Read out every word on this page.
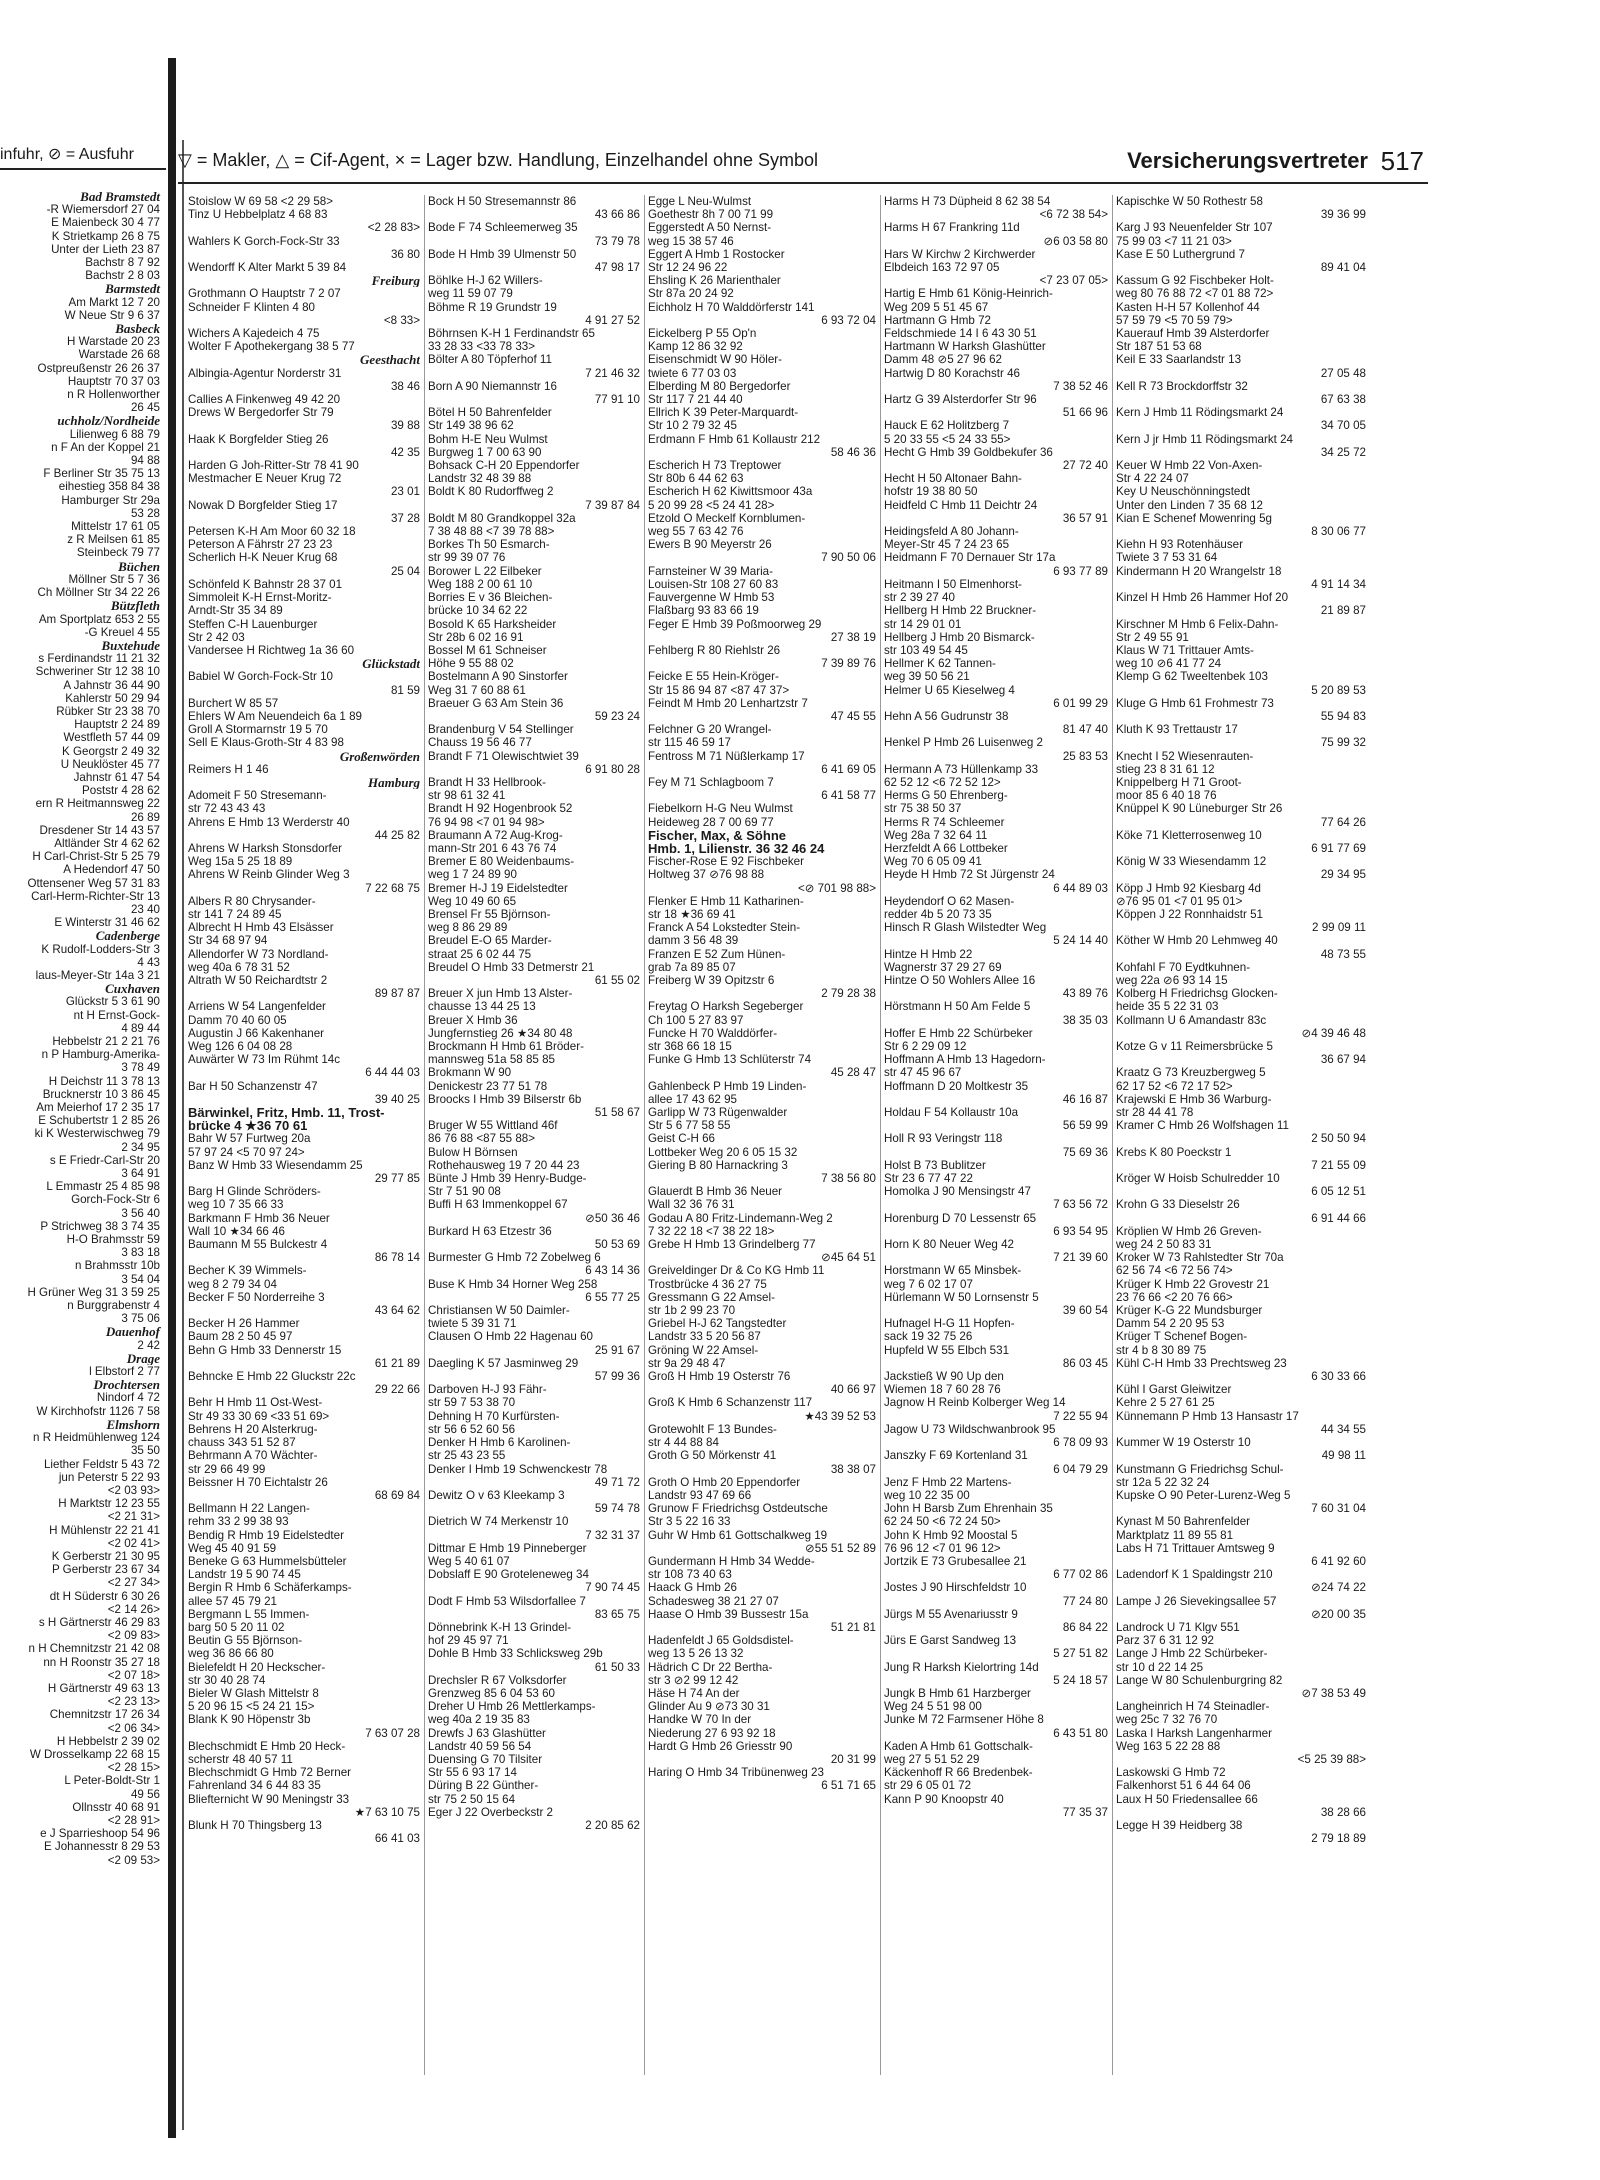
infuhr, ⊘ = Ausfuhr
Bad Bramstedt
-R Wiemersdorf 27 04
E Maienbeck 30 4 77
K Strietkamp 26 8 75
Unter der Lieth 23 87
Bachstr 8 7 92
Bachstr 2 8 03
Barmstedt
Am Markt 12 7 20
W Neue Str 9 6 37
Basbeck
H Warstade 20 23
Warstade 26 68
Ostpreußenstr 26 26 37
Hauptstr 70 37 03
n R Hollenworther
26 45
uchholz/Nordheide
Lilienweg 6 88 79
n F An der Koppel 21
94 88
F Berliner Str 35 75 13
eihestieg 358 84 38
Hamburger Str 29a
53 28
Mittelstr 17 61 05
z R Meilsen 61 85
Steinbeck 79 77
Büchen
Möllner Str 5 7 36
Ch Möllner Str 34 22 26
Bützfleth
Am Sportplatz 653 2 55
-G Kreuel 4 55
Buxtehude
s Ferdinandstr 11 21 32
Schweriner Str 12 38 10
A Jahnstr 36 44 90
Kahlerstr 50 29 94
Rübker Str 23 38 70
Hauptstr 2 24 89
Westfleth 57 44 09
K Georgstr 2 49 32
U Neuklöster 45 77
Jahnstr 61 47 54
Poststr 4 28 62
ern R Heitmannsweg 22
26 89
Dresdener Str 14 43 57
Altländer Str 4 62 62
H Carl-Christ-Str 5 25 79
A Hedendorf 47 50
Ottensener Weg 57 31 83
Carl-Herm-Richter-Str 13
23 40
E Winterstr 31 46 62
Cadenberge
K Rudolf-Lodders-Str 3
4 43
laus-Meyer-Str 14a 3 21
Cuxhaven
Glückstr 5 3 61 90
nt H Ernst-Gock-
4 89 44
Hebbelstr 21 2 21 76
n P Hamburg-Amerika-
3 78 49
H Deichstr 11 3 78 13
Brucknerstr 10 3 86 45
Am Meierhof 17 2 35 17
E Schubertstr 1 2 85 26
ki K Westerwischweg 79
2 34 95
s E Friedr-Carl-Str 20
3 64 91
L Emmastr 25 4 85 98
Gorch-Fock-Str 6
3 56 40
P Strichweg 38 3 74 35
H-O Brahmsstr 59
3 83 18
n Brahmsstr 10b
3 54 04
H Grüner Weg 31 3 59 25
n Burggrabenstr 4
3 75 06
Dauenhof
2 42
Drage
l Elbstorf 2 77
Drochtersen
Nindorf 4 72
W Kirchhofstr 1126 7 58
Elmshorn
n R Heidmühlenweg 124
35 50
Liether Feldstr 5 43 72
jun Peterstr 5 22 93
<2 03 93>
H Marktstr 12 23 55
<2 21 31>
H Mühlenstr 22 21 41
<2 02 41>
K Gerberstr 21 30 95
P Gerberstr 23 67 34
<2 27 34>
dt H Süderstr 6 30 26
<2 14 26>
s H Gärtnerstr 46 29 83
<2 09 83>
n H Chemnitzstr 21 42 08
nn H Roonstr 35 27 18
<2 07 18>
H Gärtnerstr 49 63 13
<2 23 13>
Chemnitzstr 17 26 34
<2 06 34>
H Hebbelstr 2 39 02
W Drosselkamp 22 68 15
<2 28 15>
L Peter-Boldt-Str 1
49 56
Ollnsstr 40 68 91
<2 28 91>
e J Sparrieshoop 54 96
E Johannesstr 8 29 53
<2 09 53>
▽ = Makler, △ = Cif-Agent, × = Lager bzw. Handlung, Einzelhandel ohne Symbol	Versicherungsvertreter 517
Stoislow W 69 58 <2 29 58>
Tinz U Hebbelplatz 4 68 83
<2 28 83>
Wahlers K Gorch-Fock-Str 33
36 80
Wendorff K Alter Markt 5 39 84
Freiburg
Grothmann O Hauptstr 7 2 07
Schneider F Klinten 4 80
<8 33>
Wichers A Kajedeich 4 75
Wolter F Apothekergang 38 5 77
Geesthacht
Albingia-Agentur Norderstr 31
38 46
Callies A Finkenweg 49 42 20
Drews W Bergedorfer Str 79
39 88
Haak K Borgfelder Stieg 26
42 35
Harden G Joh-Ritter-Str 78 41 90
Mestmacher E Neuer Krug 72
23 01
Nowak D Borgfelder Stieg 17
37 28
Petersen K-H Am Moor 60 32 18
Peterson A Fährstr 27 23 23
Scherlich H-K Neuer Krug 68
25 04
Schönfeld K Bahnstr 28 37 01
Simmoleit K-H Ernst-Moritz-
Arndt-Str 35 34 89
Steffen C-H Lauenburger
Str 2 42 03
Vandersee H Richtweg 1a 36 60
Glückstadt
Babiel W Gorch-Fock-Str 10
81 59
Burchert W 85 57
Ehlers W Am Neuendeich 6a 1 89
Groll A Stormarnstr 19 5 70
Sell E Klaus-Groth-Str 4 83 98
Großenwörden
Reimers H 1 46
Hamburg
Adomeit F 50 Stresemann-
str 72 43 43 43
Ahrens E Hmb 13 Werderstr 40
44 25 82
Ahrens W Harksh Stonsdorfer
Weg 15a 5 25 18 89
Ahrens W Reinb Glinder Weg 3
7 22 68 75
Albers R 80 Chrysander-
str 141 7 24 89 45
Albrecht H Hmb 43 Elsässer
Str 34 68 97 94
Allendorfer W 73 Nordland-
weg 40a 6 78 31 52
Altrath W 50 Reichardtstr 2
89 87 87
Arriens W 54 Langenfelder
Damm 70 40 60 05
Augustin J 66 Kakenhaner
Weg 126 6 04 08 28
Auwärter W 73 Im Rühmt 14c
6 44 44 03
Bar H 50 Schanzenstr 47
39 40 25
Bärwinkel, Fritz, Hmb. 11, Trost-
brücke 4 ★36 70 61
Bahr W 57 Furtweg 20a
57 97 24 <5 70 97 24>
Banz W Hmb 33 Wiesendamm 25
29 77 85
Barg H Glinde Schröders-
weg 10 7 35 66 33
Barkmann F Hmb 36 Neuer
Wall 10 ★34 66 46
Baumann M 55 Bulckestr 4
86 78 14
Becher K 39 Wimmels-
weg 8 2 79 34 04
Becker F 50 Norderreihe 3
43 64 62
Becker H 26 Hammer
Baum 28 2 50 45 97
Behn G Hmb 33 Dennerstr 15
61 21 89
Behncke E Hmb 22 Gluckstr 22c
29 22 66
Behr H Hmb 11 Ost-West-
Str 49 33 30 69 <33 51 69>
Behrens H 20 Alsterkrug-
chauss 343 51 52 87
Behrmann A 70 Wächter-
str 29 66 49 99
Beissner H 70 Eichtalstr 26
68 69 84
Bellmann H 22 Langen-
rehm 33 2 99 38 93
Bendig R Hmb 19 Eidelstedter
Weg 45 40 91 59
Beneke G 63 Hummelsbütteler
Landstr 19 5 90 74 45
Bergin R Hmb 6 Schäferkamps-
allee 57 45 79 21
Bergmann L 55 Immen-
barg 50 5 20 11 02
Beutin G 55 Björnson-
weg 36 86 66 80
Bielefeldt H 20 Heckscher-
str 30 40 28 74
Bieler W Glash Mittelstr 8
5 20 96 15 <5 24 21 15>
Blank K 90 Höpenstr 3b
7 63 07 28
Blechschmidt E Hmb 20 Heck-
scherstr 48 40 57 11
Blechschmidt G Hmb 72 Berner
Fahrenland 34 6 44 83 35
Bliefternicht W 90 Meningstr 33
★7 63 10 75
Blunk H 70 Thingsberg 13
66 41 03
Bock H 50 Stresemannstr 86
43 66 86
Bode F 74 Schleemerweg 35
73 79 78
Bode H Hmb 39 Ulmenstr 50
47 98 17
Böhlke H-J 62 Willers-
weg 11 59 07 79
Böhme R 19 Grundstr 19
4 91 27 52
Böhrnsen K-H 1 Ferdinandstr 65
33 28 33 <33 78 33>
Bölter A 80 Töpferhof 11
7 21 46 32
Born A 90 Niemannstr 16
77 91 10
Bötel H 50 Bahrenfelder
Str 149 38 96 62
Bohm H-E Neu Wulmst
Burgweg 1 7 00 63 90
Bohsack C-H 20 Eppendorfer
Landstr 32 48 39 88
Boldt K 80 Rudorffweg 2
7 39 87 84
Boldt M 80 Grandkoppel 32a
7 38 48 88 <7 39 78 88>
Borkes Th 50 Esmarch-
str 99 39 07 76
Borower L 22 Eilbeker
Weg 188 2 00 61 10
Borries E v 36 Bleichen-
brücke 10 34 62 22
Bosold K 65 Harksheider
Str 28b 6 02 16 91
Bossel M 61 Schneiser
Höhe 9 55 88 02
Bostelmann A 90 Sinstorfer
Weg 31 7 60 88 61
Braeuer G 63 Am Stein 36
59 23 24
Brandenburg V 54 Stellinger
Chauss 19 56 46 77
Brandt F 71 Olewischtwiet 39
6 91 80 28
Brandt H 33 Hellbrook-
str 98 61 32 41
Brandt H 92 Hogenbrook 52
76 94 98 <7 01 94 98>
Braumann A 72 Aug-Krog-
mann-Str 201 6 43 76 74
Bremer E 80 Weidenbaums-
weg 1 7 24 89 90
Bremer H-J 19 Eidelstedter
Weg 10 49 60 65
Brensel Fr 55 Björnson-
weg 8 86 29 89
Breudel E-O 65 Marder-
straat 25 6 02 44 75
Breudel O Hmb 33 Detmerstr 21
61 55 02
Breuer X jun Hmb 13 Alster-
chausse 13 44 25 13
Breuer X Hmb 36
Jungfernstieg 26 ★34 80 48
Brockmann H Hmb 61 Bröder-
mannsweg 51a 58 85 85
Brokmann W 90
Denickestr 23 77 51 78
Broocks I Hmb 39 Bilserstr 6b
51 58 67
Bruger W 55 Wittland 46f
86 76 88 <87 55 88>
Bulow H Börnsen
Rothehausweg 19 7 20 44 23
Bünte J Hmb 39 Henry-Budge-
Str 7 51 90 08
Buffi H 63 Immenkoppel 67
⊘50 36 46
Burkard H 63 Etzestr 36
50 53 69
Burmester G Hmb 72 Zobelweg 6
6 43 14 36
Buse K Hmb 34 Horner Weg 258
6 55 77 25
Christiansen W 50 Daimler-
twiete 5 39 31 71
Clausen O Hmb 22 Hagenau 60
25 91 67
Daegling K 57 Jasminweg 29
57 99 36
Darboven H-J 93 Fähr-
str 59 7 53 38 70
Dehning H 70 Kurfürsten-
str 56 6 52 60 56
Denker H Hmb 6 Karolinen-
str 25 43 23 55
Denker I Hmb 19 Schwenckestr 78
49 71 72
Dewitz O v 63 Kleekamp 3
59 74 78
Dietrich W 74 Merkenstr 10
7 32 31 37
Dittmar E Hmb 19 Pinneberger
Weg 5 40 61 07
Dobslaff E 90 Groteleneweg 34
7 90 74 45
Dodt F Hmb 53 Wilsdorfallee 7
83 65 75
Dönnebrink K-H 13 Grindel-
hof 29 45 97 71
Dohle B Hmb 33 Schlicksweg 29b
61 50 33
Drechsler R 67 Volksdorfer
Grenzweg 85 6 04 53 60
Dreher U Hmb 26 Mettlerkamps-
weg 40a 2 19 35 83
Drewfs J 63 Glashütter
Landstr 40 59 56 54
Duensing G 70 Tilsiter
Str 55 6 93 17 14
Düring B 22 Günther-
str 75 2 50 15 64
Eger J 22 Overbeckstr 2
2 20 85 62
Egge L Neu-Wulmst
Goethestr 8h 7 00 71 99
Eggerstedt A 50 Nernst-
weg 15 38 57 46
Eggert A Hmb 1 Rostocker
Str 12 24 96 22
Ehsling K 26 Marienthaler
Str 87a 20 24 92
Eichholz H 70 Walddörferstr 141
6 93 72 04
Eickelberg P 55 Op'n
Kamp 12 86 32 92
Eisenschmidt W 90 Höler-
twiete 6 77 03 03
Elberding M 80 Bergedorfer
Str 117 7 21 44 40
Ellrich K 39 Peter-Marquardt-
Str 10 2 79 32 45
Erdmann F Hmb 61 Kollaustr 212
58 46 36
Escherich H 73 Treptower
Str 80b 6 44 62 63
Escherich H 62 Kiwittsmoor 43a
5 20 99 28 <5 24 41 28>
Etzold O Meckelf Kornblumen-
weg 55 7 63 42 76
Ewers B 90 Meyerstr 26
7 90 50 06
Farnsteiner W 39 Maria-
Louisen-Str 108 27 60 83
Fauvergenne W Hmb 53
Flaßbarg 93 83 66 19
Feger E Hmb 39 Poßmoorweg 29
27 38 19
Fehlberg R 80 Riehlstr 26
7 39 89 76
Feicke E 55 Hein-Kröger-
Str 15 86 94 87 <87 47 37>
Feindt M Hmb 20 Lenhartzstr 7
47 45 55
Felchner G 20 Wrangel-
str 115 46 59 17
Fentross M 71 Nüßlerkamp 17
6 41 69 05
Fey M 71 Schlagboom 7
6 41 58 77
Fiebelkorn H-G Neu Wulmst
Heideweg 28 7 00 69 77
Fischer, Max, & Söhne
Hmb. 1, Lilienstr. 36 32 46 24
Fischer-Rose E 92 Fischbeker
Holtweg 37 ⊘76 98 88
<⊘ 701 98 88>
Flenker E Hmb 11 Katharinen-
str 18 ★36 69 41
Franck A 54 Lokstedter Stein-
damm 3 56 48 39
Franzen E 52 Zum Hünen-
grab 7a 89 85 07
Freiberg W 39 Opitzstr 6
2 79 28 38
Freytag O Harksh Segeberger
Ch 100 5 27 83 97
Funcke H 70 Walddörfer-
str 368 66 18 15
Funke G Hmb 13 Schlüterstr 74
45 28 47
Gahlenbeck P Hmb 19 Linden-
allee 17 43 62 95
Garlipp W 73 Rügenwalder
Str 5 6 77 58 55
Geist C-H 66
Lottbeker Weg 20 6 05 15 32
Giering B 80 Harnackring 3
7 38 56 80
Glauerdt B Hmb 36 Neuer
Wall 32 36 76 31
Godau A 80 Fritz-Lindemann-Weg 2
7 32 22 18 <7 38 22 18>
Grebe H Hmb 13 Grindelberg 77
⊘45 64 51
Greiveldinger Dr & Co KG Hmb 11
Trostbrücke 4 36 27 75
Gressmann G 22 Amsel-
str 1b 2 99 23 70
Griebel H-J 62 Tangstedter
Landstr 33 5 20 56 87
Gröning W 22 Amsel-
str 9a 29 48 47
Groß H Hmb 19 Osterstr 76
40 66 97
Groß K Hmb 6 Schanzenstr 117
★43 39 52 53
Grotewohlt F 13 Bundes-
str 4 44 88 84
Groth G 50 Mörkenstr 41
38 38 07
Groth O Hmb 20 Eppendorfer
Landstr 93 47 69 66
Grunow F Friedrichsg Ostdeutsche
Str 3 5 22 16 33
Guhr W Hmb 61 Gottschalkweg 19
⊘55 51 52 89
Gundermann H Hmb 34 Wedde-
str 108 73 40 63
Haack G Hmb 26
Schadesweg 38 21 27 07
Haase O Hmb 39 Bussestr 15a
51 21 81
Hadenfeldt J 65 Goldsdistel-
weg 13 5 26 13 32
Hädrich C Dr 22 Bertha-
str 3 ⊘2 99 12 42
Häse H 74 An der
Glinder Au 9 ⊘73 30 31
Handke W 70 In der
Niederung 27 6 93 92 18
Hardt G Hmb 26 Griesstr 90
20 31 99
Haring O Hmb 34 Tribünenweg 23
6 51 71 65
Harms H 73 Düpheid 8 62 38 54
<6 72 38 54>
Harms H 67 Frankring 11d
⊘6 03 58 80
Hars W Kirchw 2 Kirchwerder
Elbdeich 163 72 97 05
<7 23 07 05>
Hartig E Hmb 61 König-Heinrich-
Weg 209 5 51 45 67
Hartmann G Hmb 72
Feldschmiede 14 I 6 43 30 51
Hartmann W Harksh Glashütter
Damm 48 ⊘5 27 96 62
Hartwig D 80 Korachstr 46
7 38 52 46
Hartz G 39 Alsterdorfer Str 96
51 66 96
Hauck E 62 Holitzberg 7
5 20 33 55 <5 24 33 55>
Hecht G Hmb 39 Goldbekufer 36
27 72 40
Hecht H 50 Altonaer Bahn-
hofstr 19 38 80 50
Heidfeld C Hmb 11 Deichtr 24
36 57 91
Heidingsfeld A 80 Johann-
Meyer-Str 45 7 24 23 65
Heidmann F 70 Dernauer Str 17a
6 93 77 89
Heitmann I 50 Elmenhorst-
str 2 39 27 40
Hellberg H Hmb 22 Bruckner-
str 14 29 01 01
Hellberg J Hmb 20 Bismarck-
str 103 49 54 45
Hellmer K 62 Tannen-
weg 39 50 56 21
Helmer U 65 Kieselweg 4
6 01 99 29
Hehn A 56 Gudrunstr 38
81 47 40
Henkel P Hmb 26 Luisenweg 2
25 83 53
Hermann A 73 Hüllenkamp 33
62 52 12 <6 72 52 12>
Herms G 50 Ehrenberg-
str 75 38 50 37
Herms R 74 Schleemer
Weg 28a 7 32 64 11
Herzfeldt A 66 Lottbeker
Weg 70 6 05 09 41
Heyde H Hmb 72 St Jürgenstr 24
6 44 89 03
Heydendorf O 62 Masen-
redder 4b 5 20 73 35
Hinsch R Glash Wilstedter Weg
5 24 14 40
Hintze H Hmb 22
Wagnerstr 37 29 27 69
Hintze O 50 Wohlers Allee 16
43 89 76
Hörstmann H 50 Am Felde 5
38 35 03
Hoffer E Hmb 22 Schürbeker
Str 6 2 29 09 12
Hoffmann A Hmb 13 Hagedorn-
str 47 45 96 67
Hoffmann D 20 Moltkestr 35
46 16 87
Holdau F 54 Kollaustr 10a
56 59 99
Holl R 93 Veringstr 118
75 69 36
Holst B 73 Bublitzer
Str 23 6 77 47 22
Homolka J 90 Mensingstr 47
7 63 56 72
Horenburg D 70 Lessenstr 65
6 93 54 95
Horn K 80 Neuer Weg 42
7 21 39 60
Horstmann W 65 Minsbek-
weg 7 6 02 17 07
Hürlemann W 50 Lornsenstr 5
39 60 54
Hufnagel H-G 11 Hopfen-
sack 19 32 75 26
Hupfeld W 55 Elbch 531
86 03 45
Jackstieß W 90 Up den
Wiemen 18 7 60 28 76
Jagnow H Reinb Kolberger Weg 14
7 22 55 94
Jagow U 73 Wildschwanbrook 95
6 78 09 93
Janszky F 69 Kortenland 31
6 04 79 29
Jenz F Hmb 22 Martens-
weg 10 22 35 00
John H Barsb Zum Ehrenhain 35
62 24 50 <6 72 24 50>
John K Hmb 92 Moostal 5
76 96 12 <7 01 96 12>
Jortzik E 73 Grubesallee 21
6 77 02 86
Jostes J 90 Hirschfeldstr 10
77 24 80
Jürgs M 55 Avenariusstr 9
86 84 22
Jürs E Garst Sandweg 13
5 27 51 82
Jung R Harksh Kielortring 14d
5 24 18 57
Jungk B Hmb 61 Harzberger
Weg 24 5 51 98 00
Junke M 72 Farmsener Höhe 8
6 43 51 80
Kaden A Hmb 61 Gottschalk-
weg 27 5 51 52 29
Käckenhoff R 66 Bredenbek-
str 29 6 05 01 72
Kann P 90 Knoopstr 40
77 35 37
Kapischke W 50 Rothestr 58
39 36 99
Karg J 93 Neuenfelder Str 107
75 99 03 <7 11 21 03>
Kase E 50 Luthergrund 7
89 41 04
Kassum G 92 Fischbeker Holt-
weg 80 76 88 72 <7 01 88 72>
Kasten H-H 57 Kollenhof 44
57 59 79 <5 70 59 79>
Kauerauf Hmb 39 Alsterdorfer
Str 187 51 53 68
Keil E 33 Saarlandstr 13
27 05 48
Kell R 73 Brockdorffstr 32
67 63 38
Kern J Hmb 11 Rödingsmarkt 24
34 70 05
Kern J jr Hmb 11 Rödingsmarkt 24
34 25 72
Keuer W Hmb 22 Von-Axen-
Str 4 22 24 07
Key U Neuschönningstedt
Unter den Linden 7 35 68 12
Kian E Schenef Mowenring 5g
8 30 06 77
Kiehn H 93 Rotenhäuser
Twiete 3 7 53 31 64
Kindermann H 20 Wrangelstr 18
4 91 14 34
Kinzel H Hmb 26 Hammer Hof 20
21 89 87
Kirschner M Hmb 6 Felix-Dahn-
Str 2 49 55 91
Klaus W 71 Trittauer Amts-
weg 10 ⊘6 41 77 24
Klemp G 62 Tweeltenbek 103
5 20 89 53
Kluge G Hmb 61 Frohmestr 73
55 94 83
Kluth K 93 Trettaustr 17
75 99 32
Knecht I 52 Wiesenrauten-
stieg 23 8 31 61 12
Knippelberg H 71 Groot-
moor 85 6 40 18 76
Knüppel K 90 Lüneburger Str 26
77 64 26
Köke 71 Kletterrosenweg 10
6 91 77 69
König W 33 Wiesendamm 12
29 34 95
Köpp J Hmb 92 Kiesbarg 4d
⊘76 95 01 <7 01 95 01>
Köppen J 22 Ronnhaidstr 51
2 99 09 11
Köther W Hmb 20 Lehmweg 40
48 73 55
Kohfahl F 70 Eydtkuhnen-
weg 22a ⊘6 93 14 15
Kolberg H Friedrichsg Glocken-
heide 35 5 22 31 03
Kollmann U 6 Amandastr 83c
⊘4 39 46 48
Kotze G v 11 Reimersbrücke 5
36 67 94
Kraatz G 73 Kreuzbergweg 5
62 17 52 <6 72 17 52>
Krajewski E Hmb 36 Warburg-
str 28 44 41 78
Kramer C Hmb 26 Wolfshagen 11
2 50 50 94
Krebs K 80 Poeckstr 1
7 21 55 09
Kröger W Hoisb Schulredder 10
6 05 12 51
Krohn G 33 Dieselstr 26
6 91 44 66
Kröplien W Hmb 26 Greven-
weg 24 2 50 83 31
Kroker W 73 Rahlstedter Str 70a
62 56 74 <6 72 56 74>
Krüger K Hmb 22 Grovestr 21
23 76 66 <2 20 76 66>
Krüger K-G 22 Mundsburger
Damm 54 2 20 95 53
Krüger T Schenef Bogen-
str 4 b 8 30 89 75
Kühl C-H Hmb 33 Prechtsweg 23
6 30 33 66
Kühl I Garst Gleiwitzer
Kehre 2 5 27 61 25
Künnemann P Hmb 13 Hansastr 17
44 34 55
Kummer W 19 Osterstr 10
49 98 11
Kunstmann G Friedrichsg Schul-
str 12a 5 22 32 24
Kupske O 90 Peter-Lurenz-Weg 5
7 60 31 04
Kynast M 50 Bahrenfelder
Marktplatz 11 89 55 81
Labs H 71 Trittauer Amtsweg 9
6 41 92 60
Ladendorf K 1 Spaldingstr 210
⊘24 74 22
Lampe J 26 Sievekingsallee 57
⊘20 00 35
Landrock U 71 Klgv 551
Parz 37 6 31 12 92
Lange J Hmb 22 Schürbeker-
str 10 d 22 14 25
Lange W 80 Schulenburgring 82
⊘7 38 53 49
Langheinrich H 74 Steinadler-
weg 25c 7 32 76 70
Laska I Harksh Langenharmer
Weg 163 5 22 28 88
<5 25 39 88>
Laskowski G Hmb 72
Falkenhorst 51 6 44 64 06
Laux H 50 Friedensallee 66
38 28 66
Legge H 39 Heidberg 38
2 79 18 89
